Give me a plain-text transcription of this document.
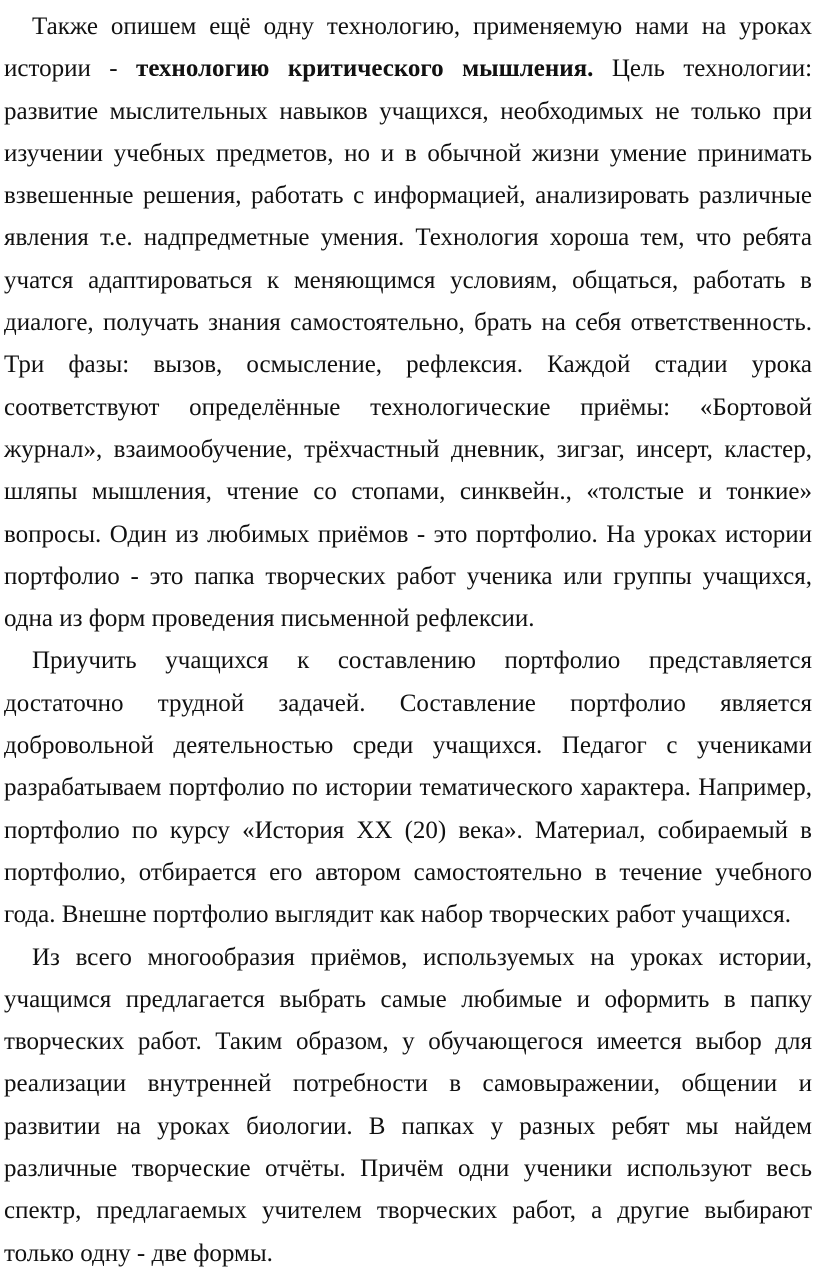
Также опишем ещё одну технологию, применяемую нами на уроках истории - технологию критического мышления. Цель технологии: развитие мыслительных навыков учащихся, необходимых не только при изучении учебных предметов, но и в обычной жизни умение принимать взвешенные решения, работать с информацией, анализировать различные явления т.е. надпредметные умения. Технология хороша тем, что ребята учатся адаптироваться к меняющимся условиям, общаться, работать в диалоге, получать знания самостоятельно, брать на себя ответственность. Три фазы: вызов, осмысление, рефлексия. Каждой стадии урока соответствуют определённые технологические приёмы: «Бортовой журнал», взаимообучение, трёхчастный дневник, зигзаг, инсерт, кластер, шляпы мышления, чтение со стопами, синквейн., «толстые и тонкие» вопросы. Один из любимых приёмов - это портфолио. На уроках истории портфолио - это папка творческих работ ученика или группы учащихся, одна из форм проведения письменной рефлексии.

Приучить учащихся к составлению портфолио представляется достаточно трудной задачей. Составление портфолио является добровольной деятельностью среди учащихся. Педагог с учениками разрабатываем портфолио по истории тематического характера. Например, портфолио по курсу «История XX (20) века». Материал, собираемый в портфолио, отбирается его автором самостоятельно в течение учебного года. Внешне портфолио выглядит как набор творческих работ учащихся.

Из всего многообразия приёмов, используемых на уроках истории, учащимся предлагается выбрать самые любимые и оформить в папку творческих работ. Таким образом, у обучающегося имеется выбор для реализации внутренней потребности в самовыражении, общении и развитии на уроках биологии. В папках у разных ребят мы найдем различные творческие отчёты. Причём одни ученики используют весь спектр, предлагаемых учителем творческих работ, а другие выбирают только одну - две формы.
